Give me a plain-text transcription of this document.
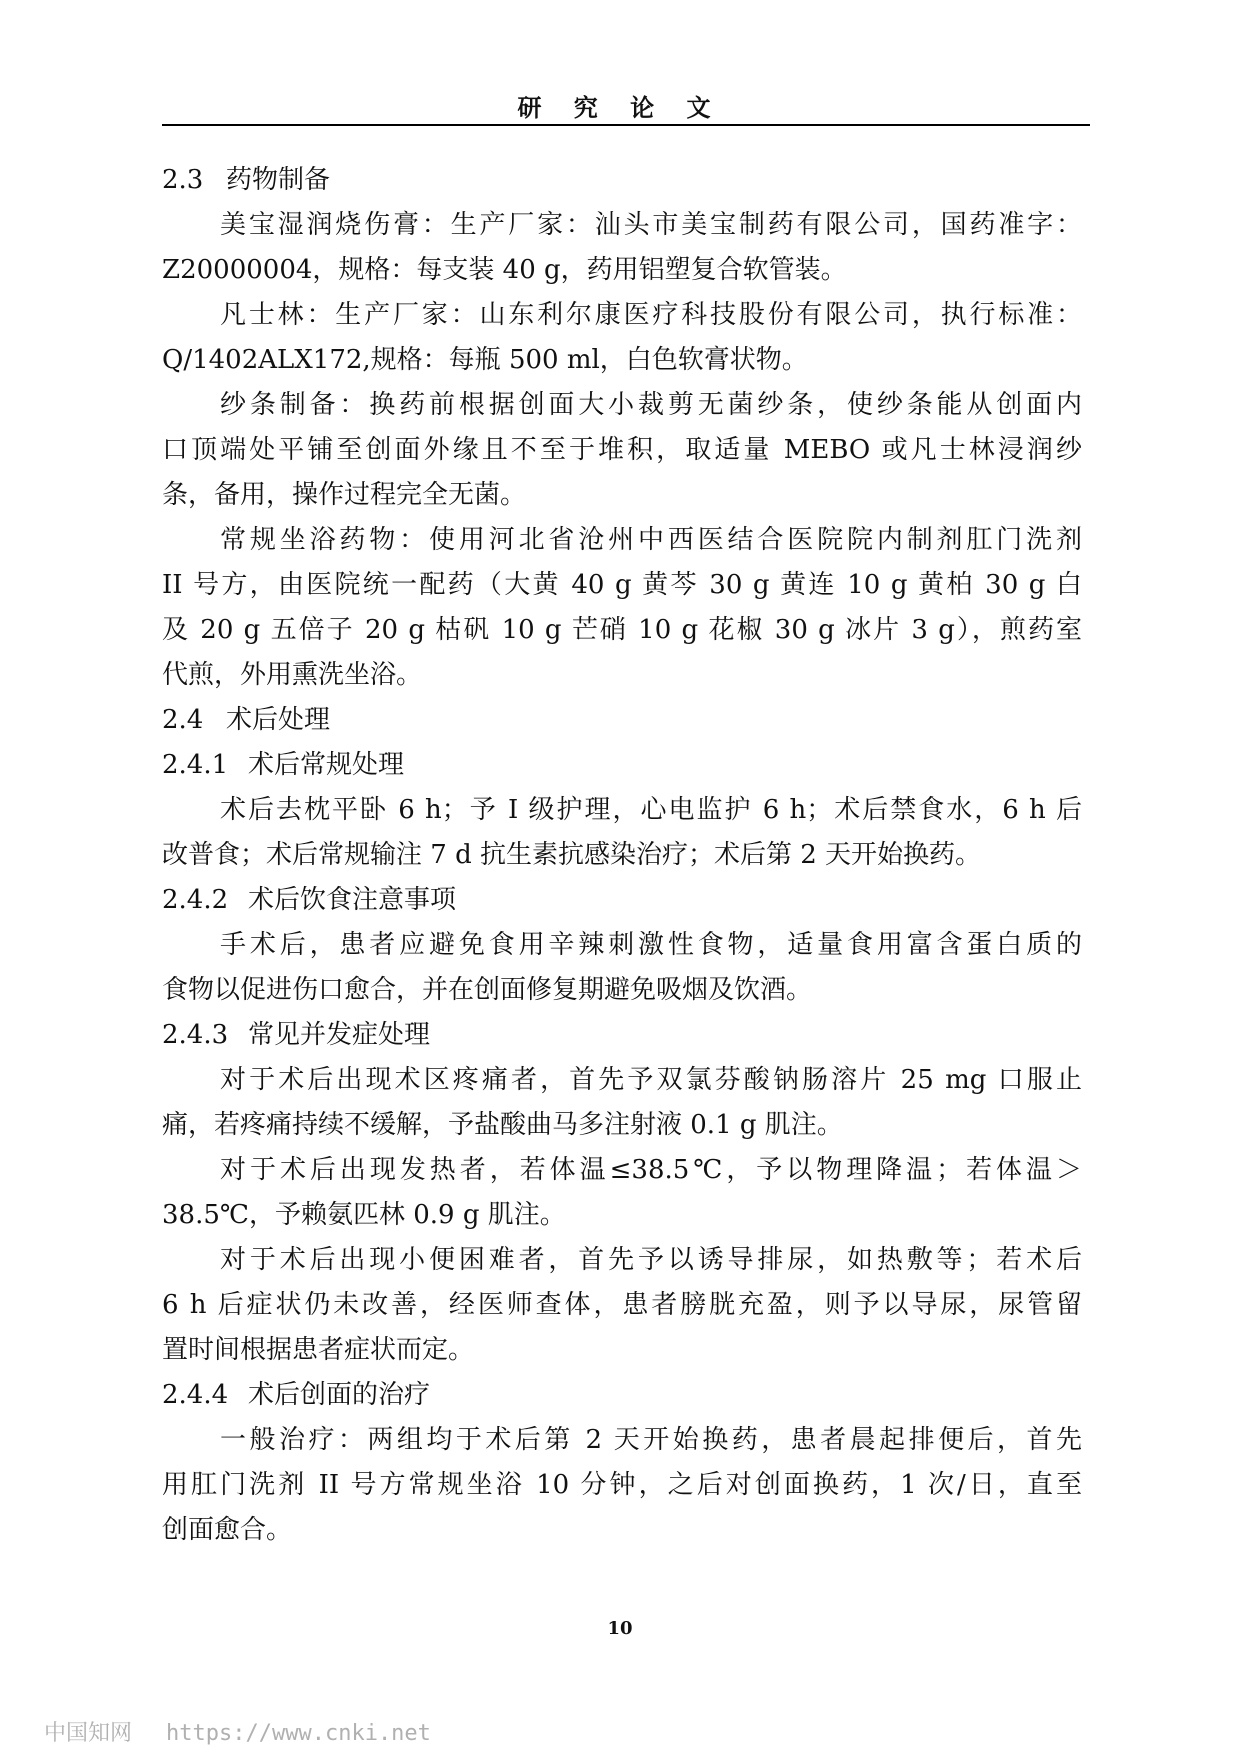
研 究 论 文
2.3 药物制备
美宝湿润烧伤膏：生产厂家：汕头市美宝制药有限公司，国药准字：
Z20000004，规格：每支装 40 g，药用铝塑复合软管装。
凡士林：生产厂家：山东利尔康医疗科技股份有限公司，执行标准：
Q/1402ALX172,规格：每瓶 500 ml，白色软膏状物。
纱条制备：换药前根据创面大小裁剪无菌纱条，使纱条能从创面内
口顶端处平铺至创面外缘且不至于堆积，取适量 MEBO 或凡士林浸润纱
条，备用，操作过程完全无菌。
常规坐浴药物：使用河北省沧州中西医结合医院院内制剂肛门洗剂
II 号方，由医院统一配药（大黄 40 g 黄芩 30 g 黄连 10 g 黄柏 30 g 白
及 20 g 五倍子 20 g 枯矾 10 g 芒硝 10 g 花椒 30 g 冰片 3 g），煎药室
代煎，外用熏洗坐浴。
2.4 术后处理
2.4.1 术后常规处理
术后去枕平卧 6 h；予 I 级护理，心电监护 6 h；术后禁食水，6 h 后
改普食；术后常规输注 7 d 抗生素抗感染治疗；术后第 2 天开始换药。
2.4.2 术后饮食注意事项
手术后，患者应避免食用辛辣刺激性食物，适量食用富含蛋白质的
食物以促进伤口愈合，并在创面修复期避免吸烟及饮酒。
2.4.3 常见并发症处理
对于术后出现术区疼痛者，首先予双氯芬酸钠肠溶片 25 mg 口服止
痛，若疼痛持续不缓解，予盐酸曲马多注射液 0.1 g 肌注。
对于术后出现发热者，若体温≤38.5℃，予以物理降温；若体温＞
38.5℃，予赖氨匹林 0.9 g 肌注。
对于术后出现小便困难者，首先予以诱导排尿，如热敷等；若术后
6 h 后症状仍未改善，经医师查体，患者膀胱充盈，则予以导尿，尿管留
置时间根据患者症状而定。
2.4.4 术后创面的治疗
一般治疗：两组均于术后第 2 天开始换药，患者晨起排便后，首先
用肛门洗剂 II 号方常规坐浴 10 分钟，之后对创面换药，1 次/日，直至
创面愈合。
10
中国知网 https://www.cnki.net
